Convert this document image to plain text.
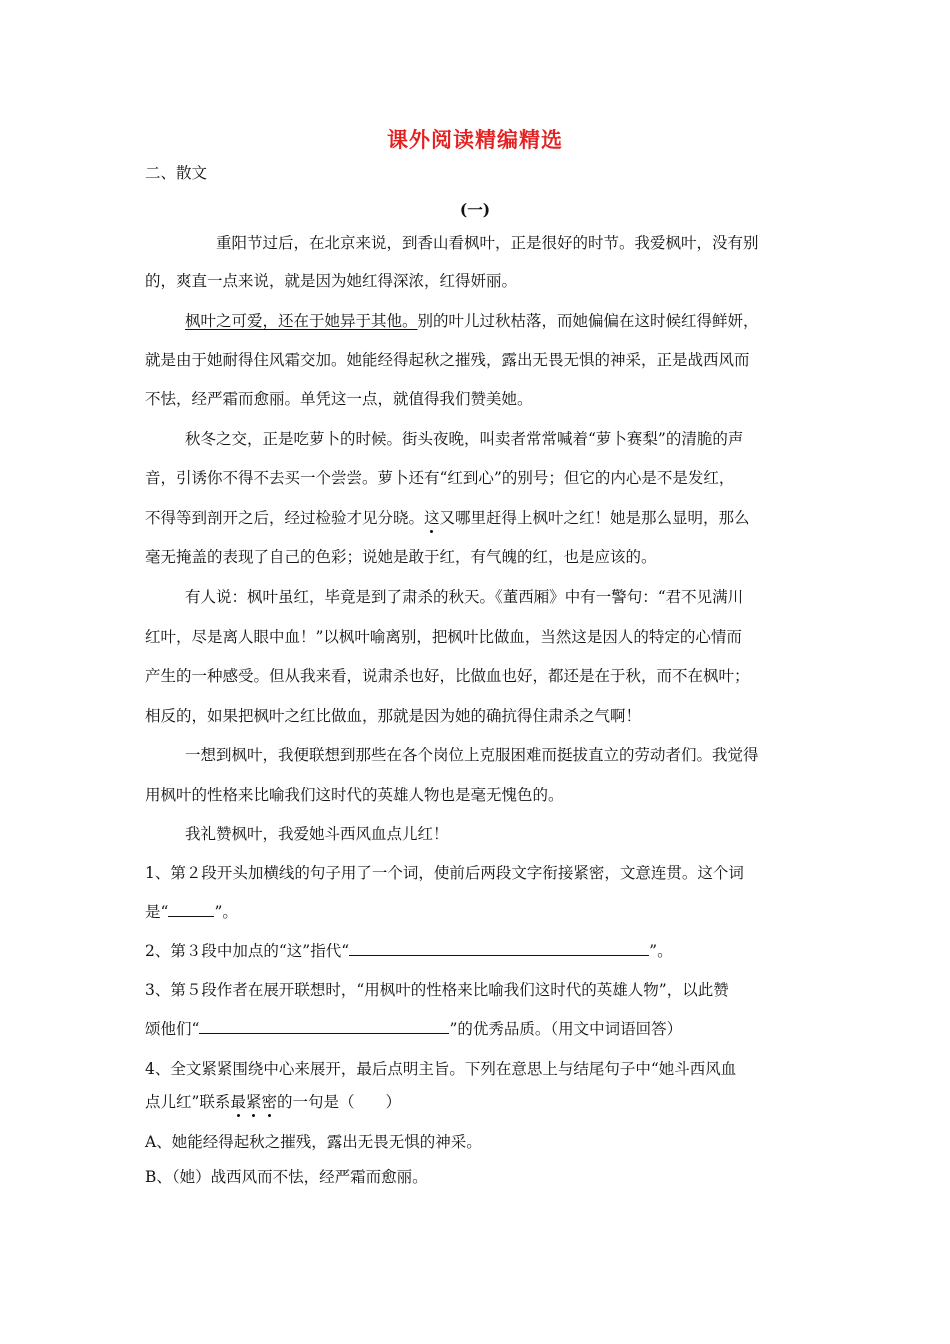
课外阅读精编精选
二、散文
(一)
重阳节过后，在北京来说，到香山看枫叶，正是很好的时节。我爱枫叶，没有别
的，爽直一点来说，就是因为她红得深浓，红得妍丽。
枫叶之可爱，还在于她异于其他。别的叶儿过秋枯落，而她偏偏在这时候红得鲜妍，
就是由于她耐得住风霜交加。她能经得起秋之摧残，露出无畏无惧的神采，正是战西风而
不怯，经严霜而愈丽。单凭这一点，就值得我们赞美她。
秋冬之交，正是吃萝卜的时候。街头夜晚，叫卖者常常喊着“萝卜赛梨”的清脆的声
音，引诱你不得不去买一个尝尝。萝卜还有“红到心”的别号；但它的内心是不是发红，
不得等到剖开之后，经过检验才见分晓。这又哪里赶得上枫叶之红！她是那么显明，那么
毫无掩盖的表现了自己的色彩；说她是敢于红，有气魄的红，也是应该的。
有人说：枫叶虽红，毕竟是到了肃杀的秋天。《董西厢》中有一警句：“君不见满川
红叶，尽是离人眼中血！”以枫叶喻离别，把枫叶比做血，当然这是因人的特定的心情而
产生的一种感受。但从我来看，说肃杀也好，比做血也好，都还是在于秋，而不在枫叶；
相反的，如果把枫叶之红比做血，那就是因为她的确抗得住肃杀之气啊！
一想到枫叶，我便联想到那些在各个岗位上克服困难而挺拔直立的劳动者们。我觉得
用枫叶的性格来比喻我们这时代的英雄人物也是毫无愧色的。
我礼赞枫叶，我爱她斗西风血点儿红！
1、第２段开头加横线的句子用了一个词，使前后两段文字衔接紧密，文意连贯。这个词
是“	”。
2、第３段中加点的“这”指代“	”。
3、第５段作者在展开联想时，“用枫叶的性格来比喻我们这时代的英雄人物”，以此赞
颂他们“	”的优秀品质。（用文中词语回答）
4、全文紧紧围绕中心来展开，最后点明主旨。下列在意思上与结尾句子中“她斗西风血
点儿红”联系最紧密的一句是（　　）
A、她能经得起秋之摧残，露出无畏无惧的神采。
B、（她）战西风而不怯，经严霜而愈丽。
